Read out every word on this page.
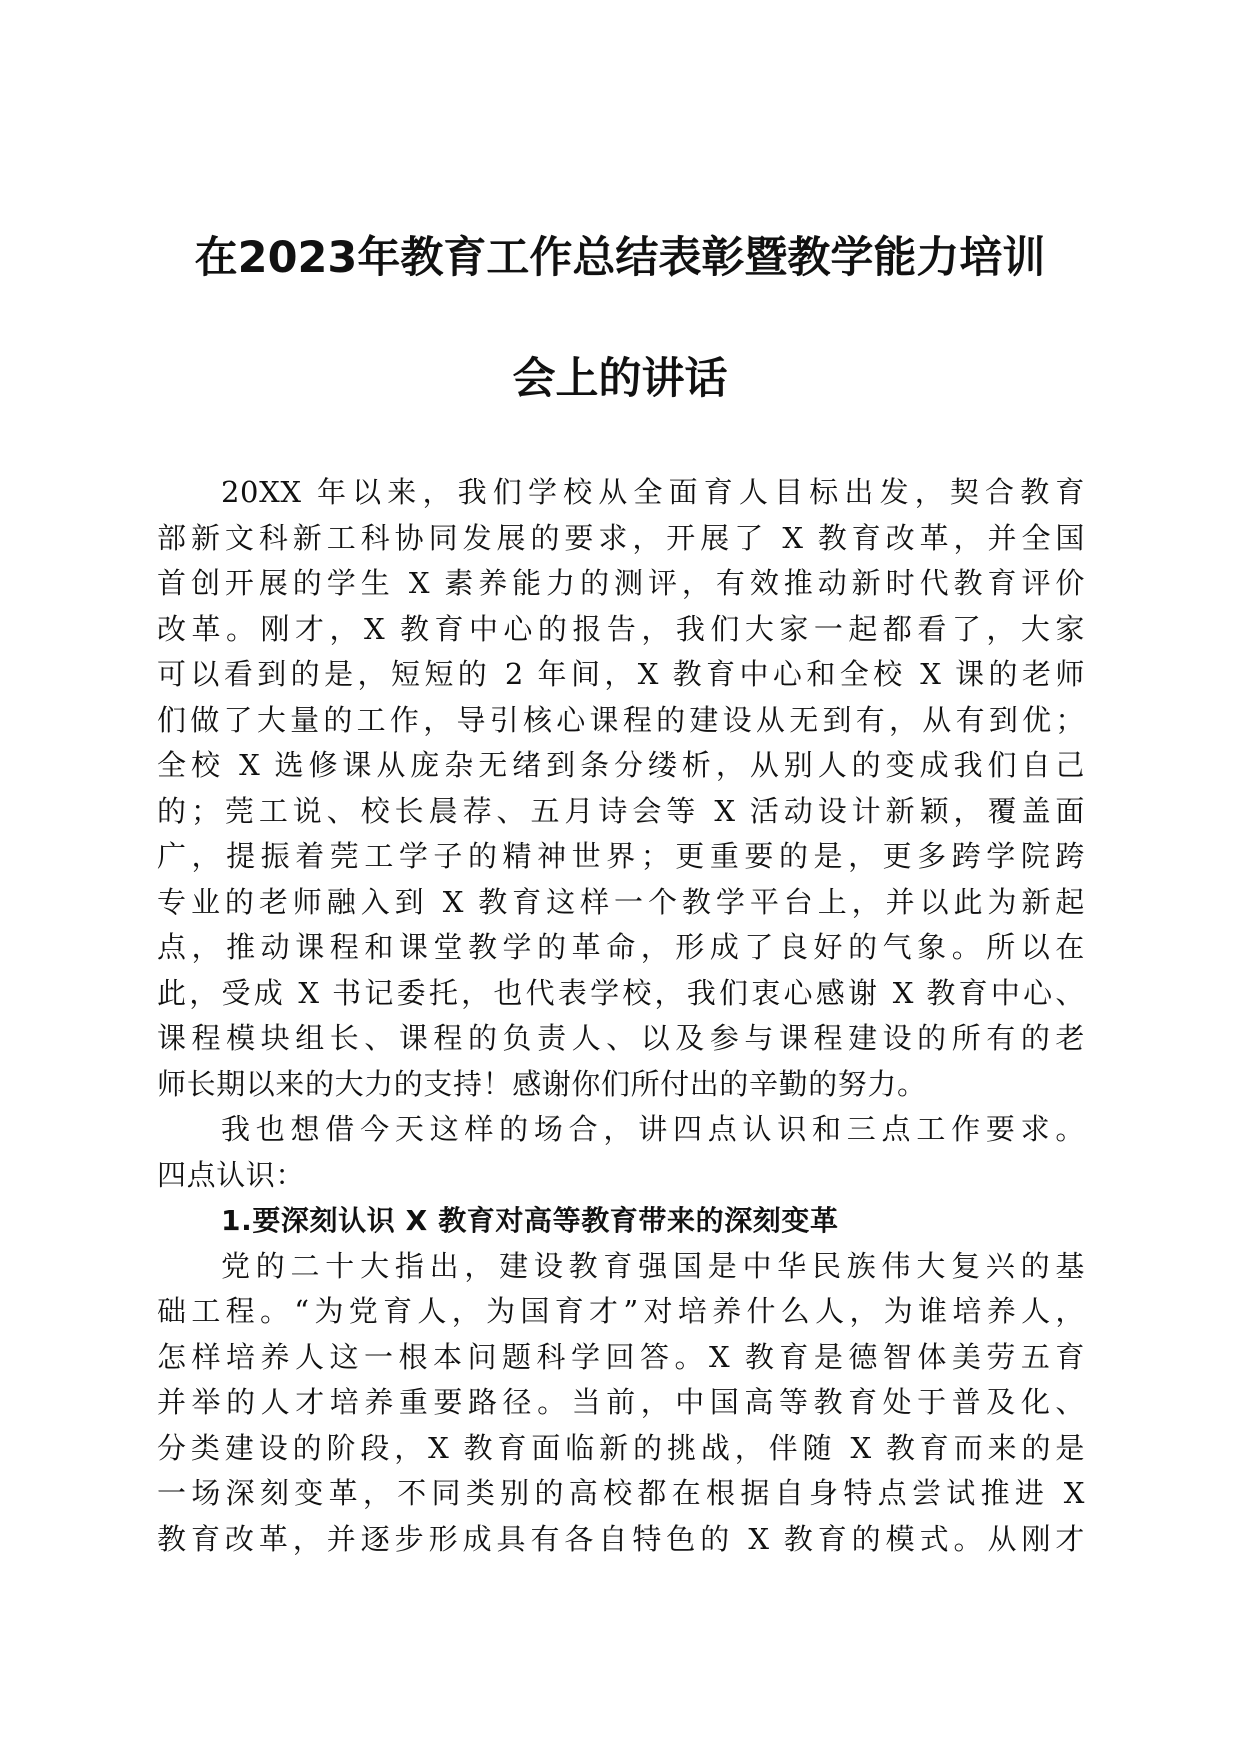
在2023年教育工作总结表彰暨教学能力培训
会上的讲话
20XX 年以来，我们学校从全面育人目标出发，契合教育
部新文科新工科协同发展的要求，开展了 X 教育改革，并全国
首创开展的学生 X 素养能力的测评，有效推动新时代教育评价
改革。刚才，X 教育中心的报告，我们大家一起都看了，大家
可以看到的是，短短的 2 年间，X 教育中心和全校 X 课的老师
们做了大量的工作，导引核心课程的建设从无到有，从有到优；
全校 X 选修课从庞杂无绪到条分缕析，从别人的变成我们自己
的；莞工说、校长晨荐、五月诗会等 X 活动设计新颖，覆盖面
广，提振着莞工学子的精神世界；更重要的是，更多跨学院跨
专业的老师融入到 X 教育这样一个教学平台上，并以此为新起
点，推动课程和课堂教学的革命，形成了良好的气象。所以在
此，受成 X 书记委托，也代表学校，我们衷心感谢 X 教育中心、
课程模块组长、课程的负责人、以及参与课程建设的所有的老
师长期以来的大力的支持！感谢你们所付出的辛勤的努力。
我也想借今天这样的场合，讲四点认识和三点工作要求。
四点认识：
1.要深刻认识 X 教育对高等教育带来的深刻变革
党的二十大指出，建设教育强国是中华民族伟大复兴的基
础工程。“为党育人，为国育才”对培养什么人，为谁培养人，
怎样培养人这一根本问题科学回答。X 教育是德智体美劳五育
并举的人才培养重要路径。当前，中国高等教育处于普及化、
分类建设的阶段，X 教育面临新的挑战，伴随 X 教育而来的是
一场深刻变革，不同类别的高校都在根据自身特点尝试推进 X
教育改革，并逐步形成具有各自特色的 X 教育的模式。从刚才
